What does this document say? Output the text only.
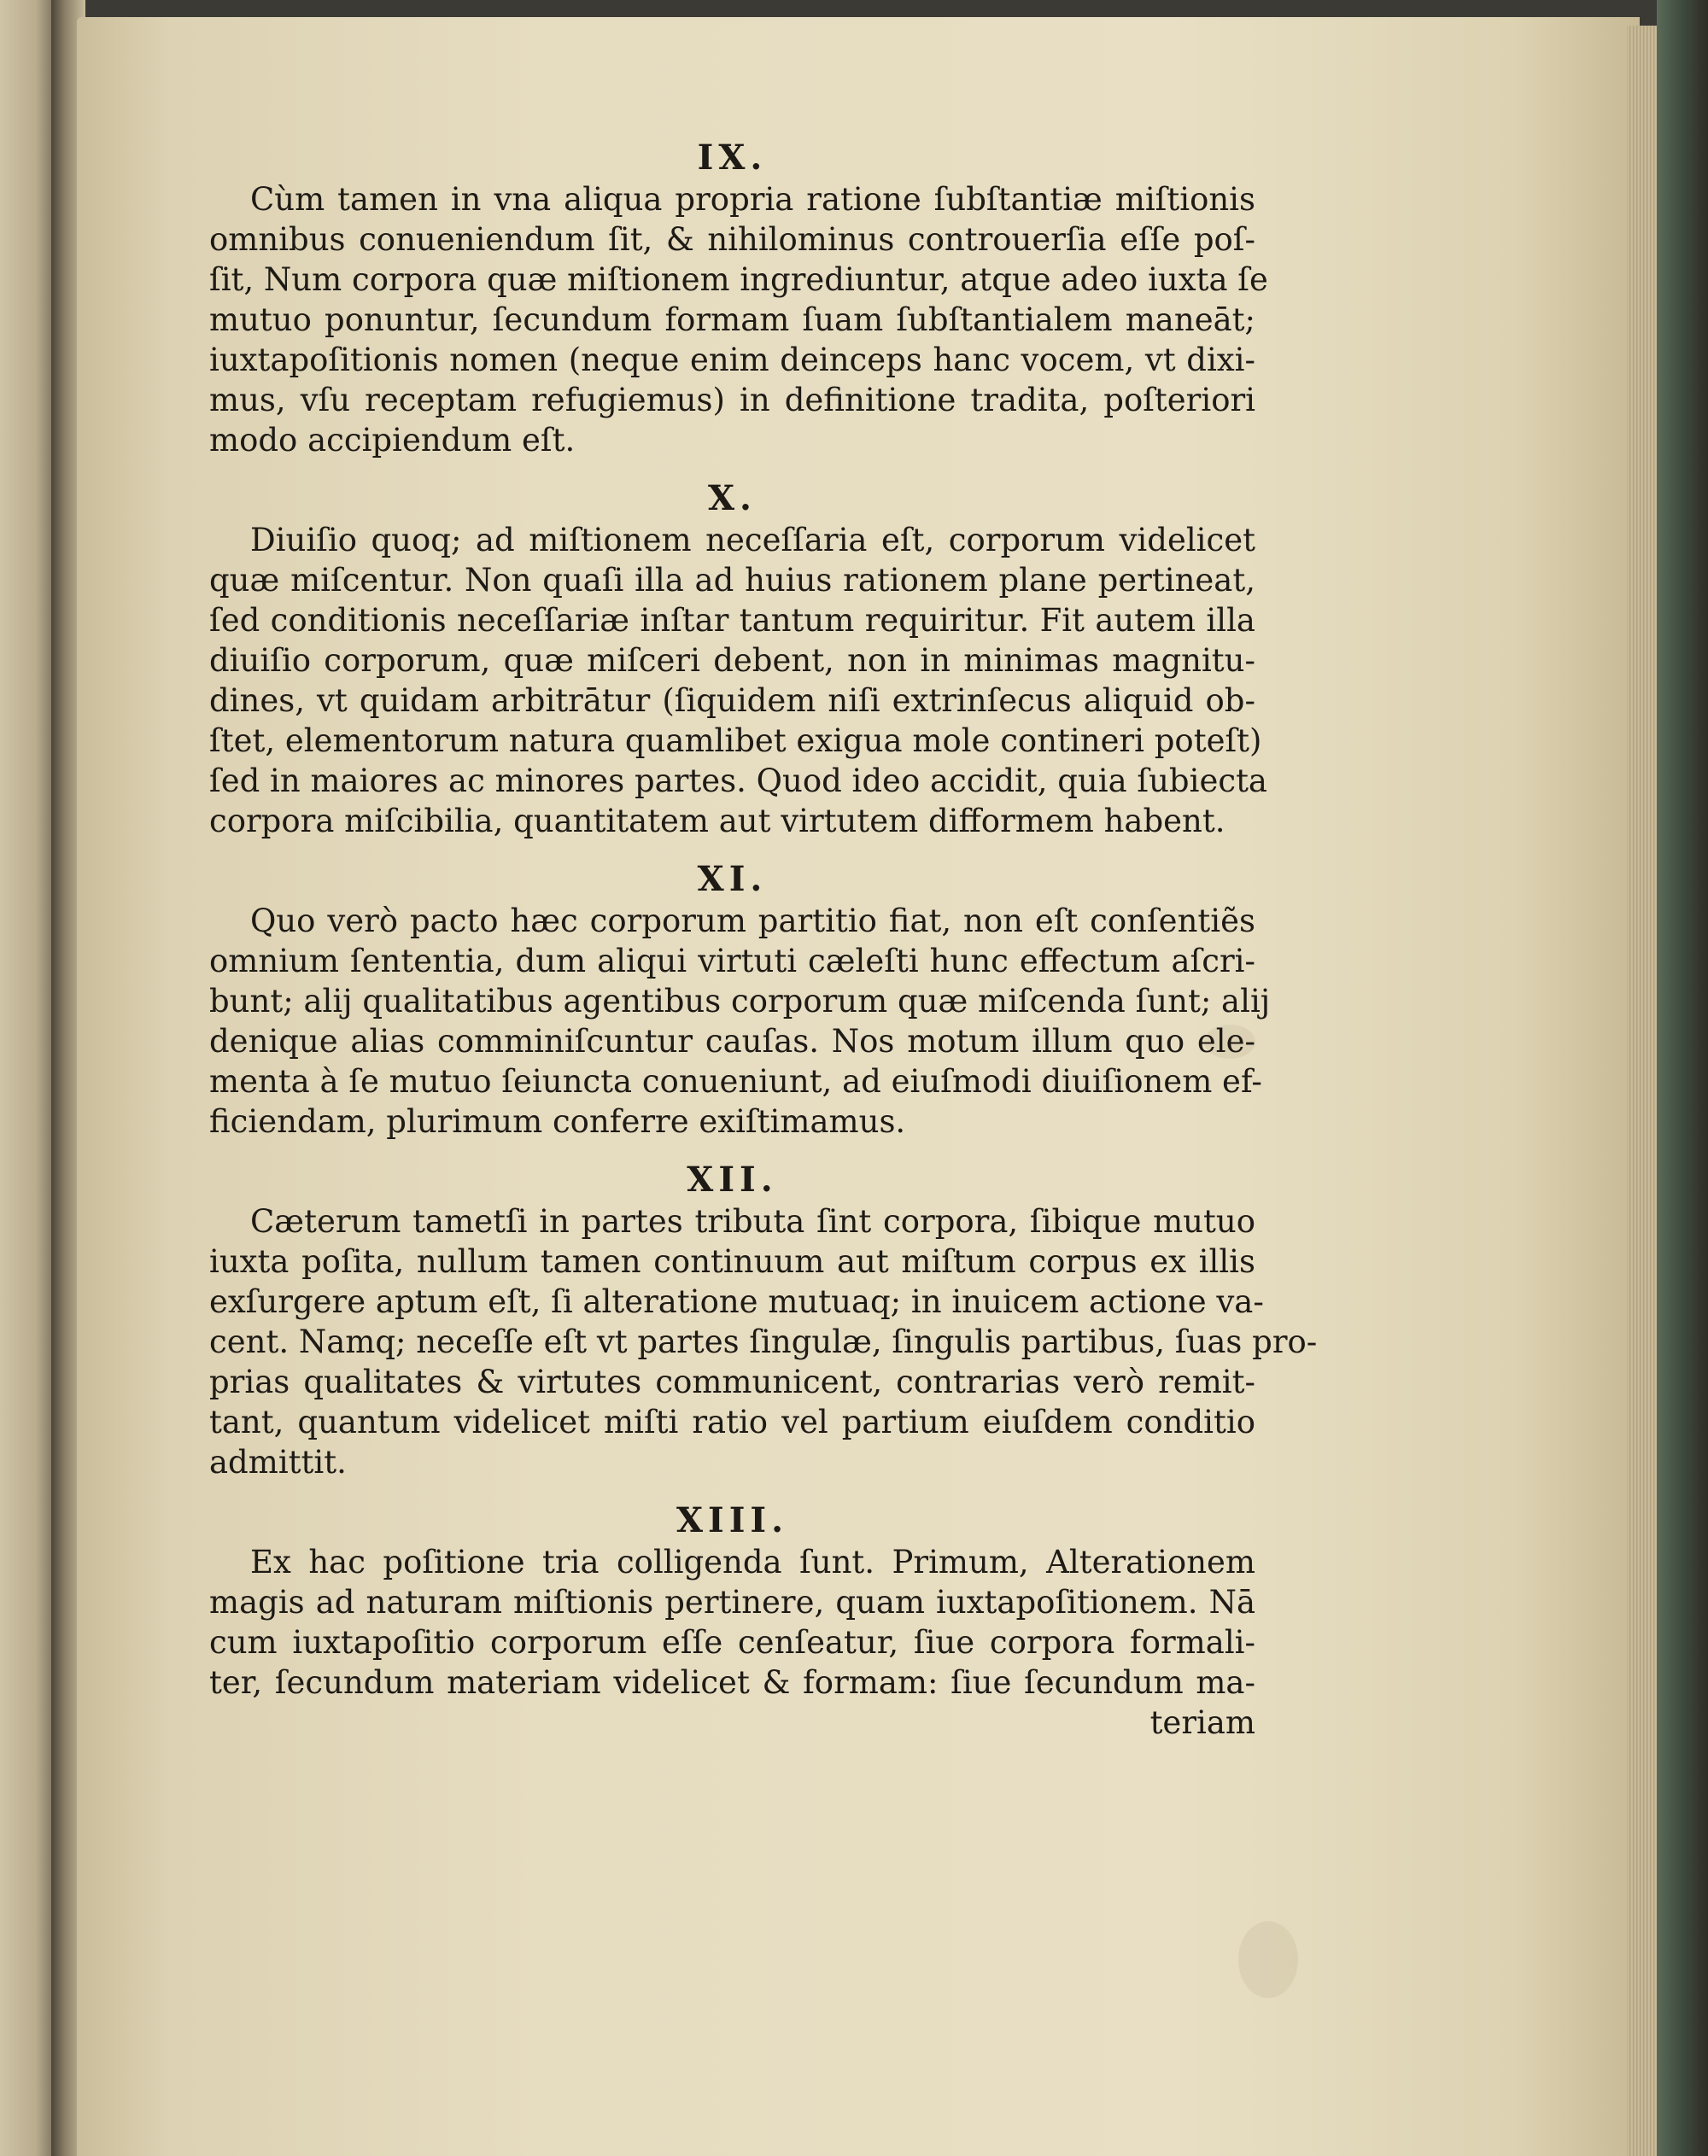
IX.
Cùm tamen in vna aliqua propria ratione ſubſtantiæ miſtionis
omnibus conueniendum ſit, & nihilominus controuerſia eſſe poſ-
ſit, Num corpora quæ miſtionem ingrediuntur, atque adeo iuxta ſe
mutuo ponuntur, ſecundum formam ſuam ſubſtantialem maneāt;
iuxtapoſitionis nomen (neque enim deinceps hanc vocem, vt dixi-
mus, vſu receptam refugiemus) in definitione tradita, poſteriori
modo accipiendum eſt.
X.
Diuiſio quoq; ad miſtionem neceſſaria eſt, corporum videlicet
quæ miſcentur. Non quaſi illa ad huius rationem plane pertineat,
ſed conditionis neceſſariæ inſtar tantum requiritur. Fit autem illa
diuiſio corporum, quæ miſceri debent, non in minimas magnitu-
dines, vt quidam arbitrātur (ſiquidem niſi extrinſecus aliquid ob-
ſtet, elementorum natura quamlibet exigua mole contineri poteſt)
ſed in maiores ac minores partes. Quod ideo accidit, quia ſubiecta
corpora miſcibilia, quantitatem aut virtutem difformem habent.
XI.
Quo verò pacto hæc corporum partitio fiat, non eſt conſentiẽs
omnium ſententia, dum aliqui virtuti cæleſti hunc effectum aſcri-
bunt; alij qualitatibus agentibus corporum quæ miſcenda ſunt; alij
denique alias comminiſcuntur cauſas. Nos motum illum quo ele-
menta à ſe mutuo ſeiuncta conueniunt, ad eiuſmodi diuiſionem ef-
ficiendam, plurimum conferre exiſtimamus.
XII.
Cæterum tametſi in partes tributa ſint corpora, ſibique mutuo
iuxta poſita, nullum tamen continuum aut miſtum corpus ex illis
exſurgere aptum eſt, ſi alteratione mutuaq; in inuicem actione va-
cent. Namq; neceſſe eſt vt partes ſingulæ, ſingulis partibus, ſuas pro-
prias qualitates & virtutes communicent, contrarias verò remit-
tant, quantum videlicet miſti ratio vel partium eiuſdem conditio
admittit.
XIII.
Ex hac poſitione tria colligenda ſunt. Primum, Alterationem
magis ad naturam miſtionis pertinere, quam iuxtapoſitionem. Nā
cum iuxtapoſitio corporum eſſe cenſeatur, ſiue corpora formali-
ter, ſecundum materiam videlicet & formam: ſiue ſecundum ma-
teriam
